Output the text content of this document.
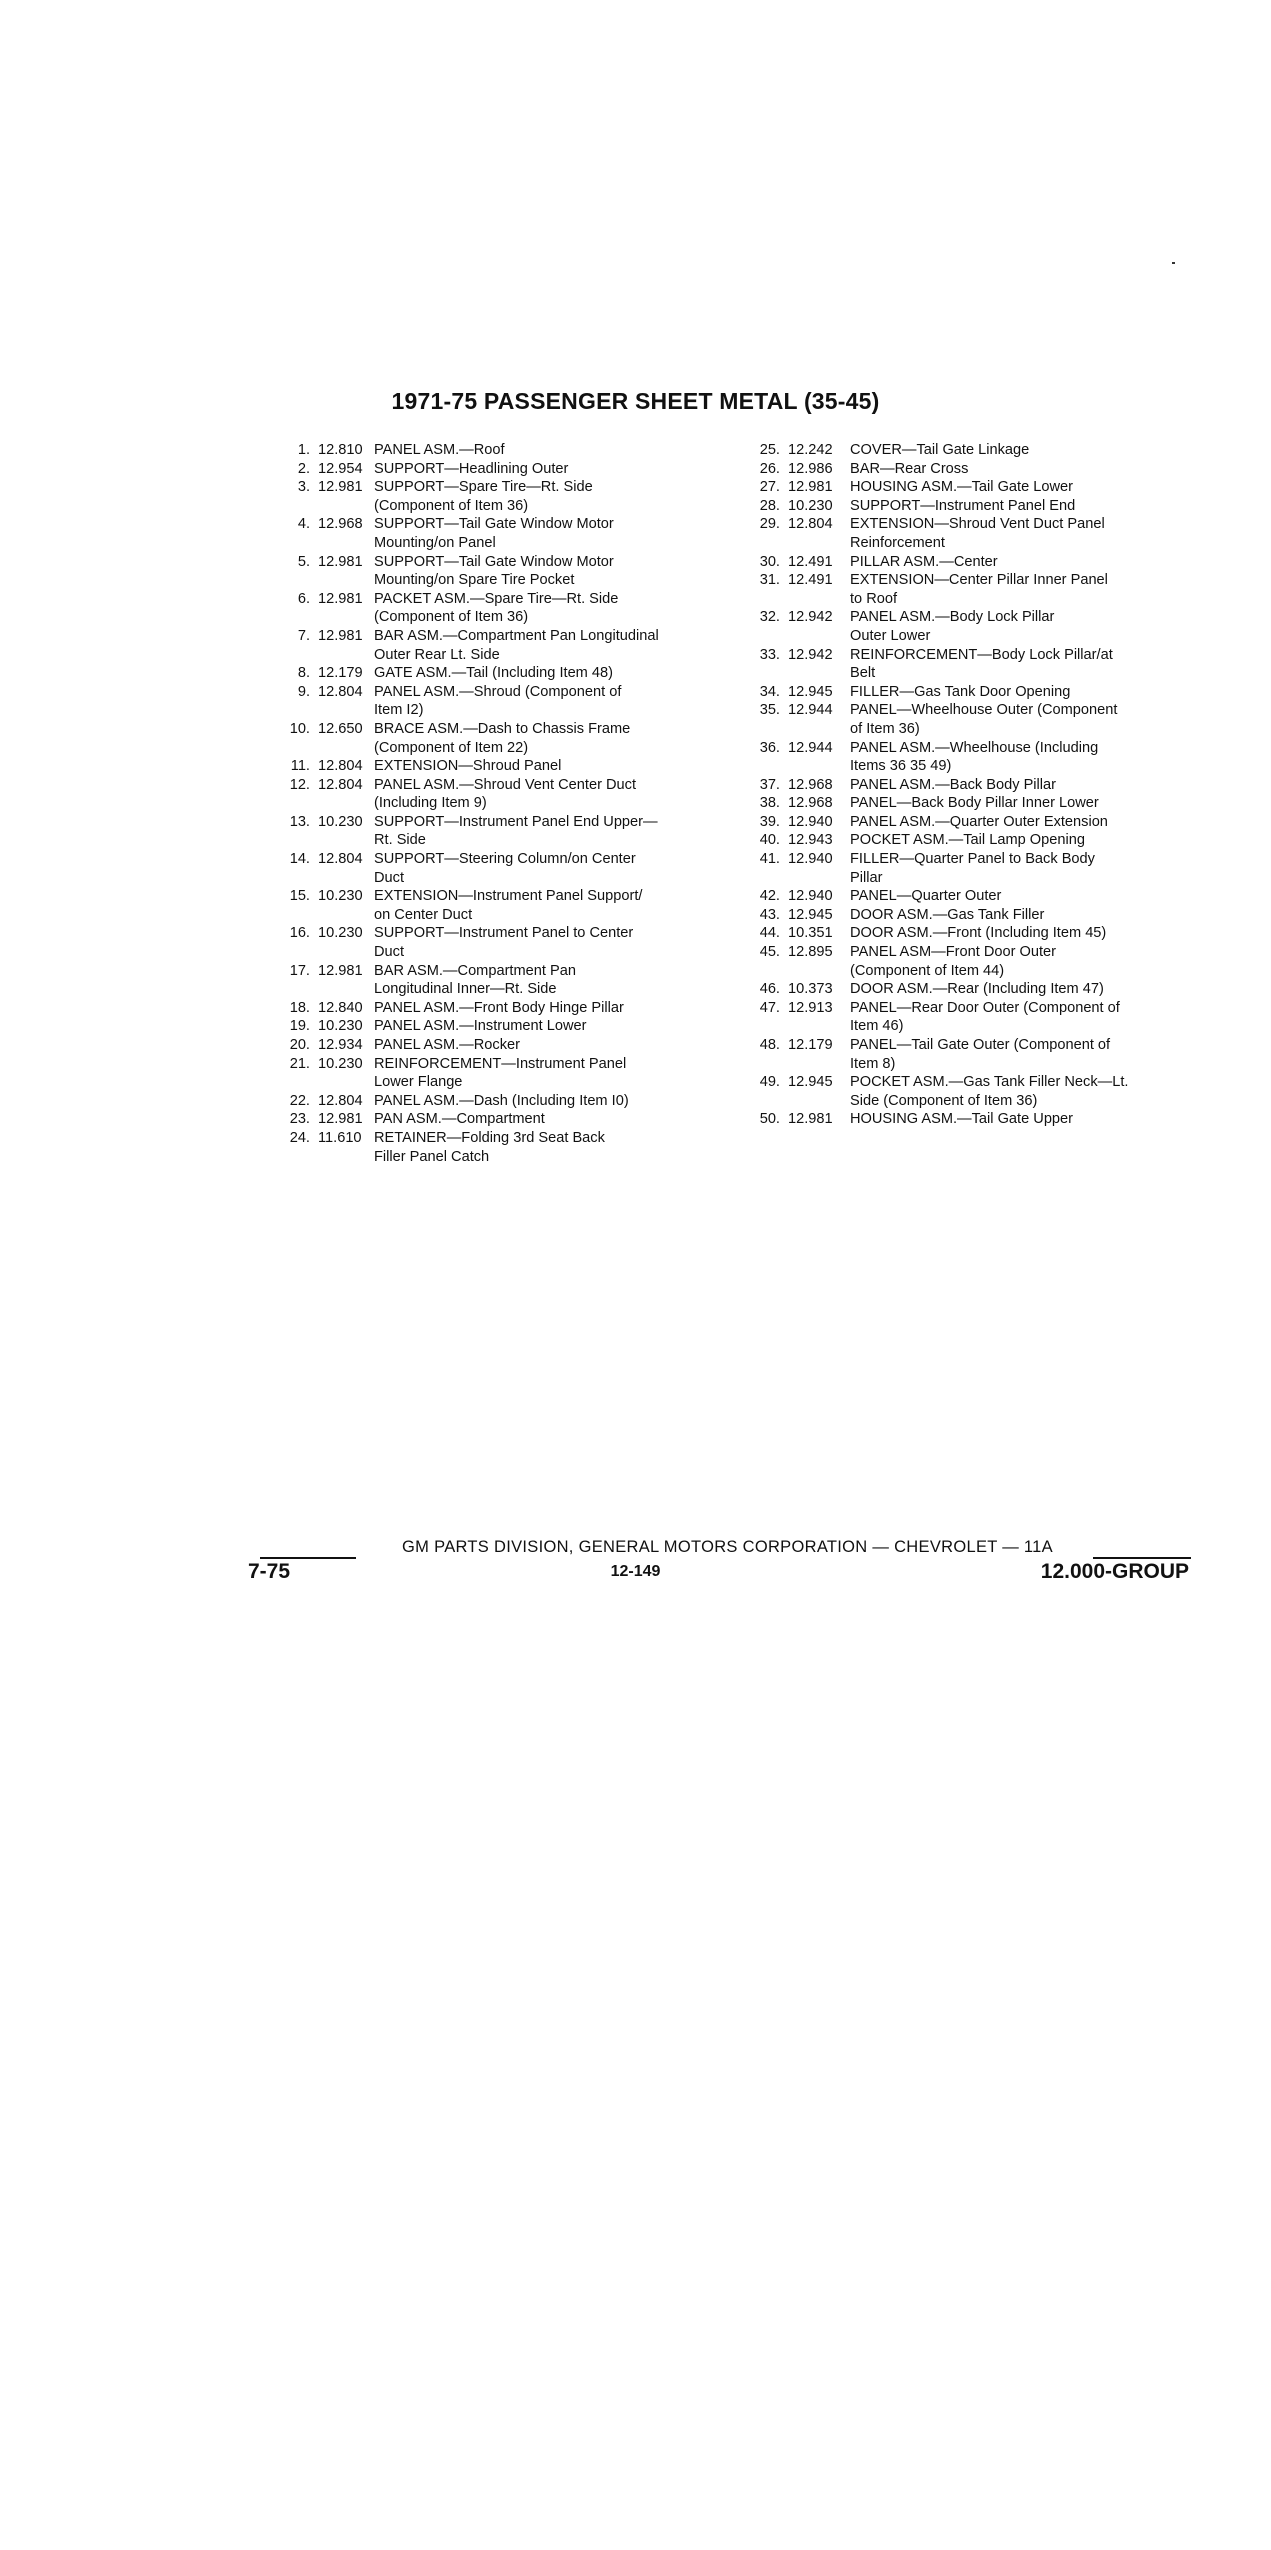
1971-75 PASSENGER SHEET METAL (35-45)
1. 12.810 PANEL ASM.—Roof
2. 12.954 SUPPORT—Headlining Outer
3. 12.981 SUPPORT—Spare Tire—Rt. Side
(Component of Item 36)
4. 12.968 SUPPORT—Tail Gate Window Motor
Mounting/on Panel
5. 12.981 SUPPORT—Tail Gate Window Motor
Mounting/on Spare Tire Pocket
6. 12.981 PACKET ASM.—Spare Tire—Rt. Side
(Component of Item 36)
7. 12.981 BAR ASM.—Compartment Pan Longitudinal
Outer Rear Lt. Side
8. 12.179 GATE ASM.—Tail (Including Item 48)
9. 12.804 PANEL ASM.—Shroud (Component of
Item I2)
10. 12.650 BRACE ASM.—Dash to Chassis Frame
(Component of Item 22)
11. 12.804 EXTENSION—Shroud Panel
12. 12.804 PANEL ASM.—Shroud Vent Center Duct
(Including Item 9)
13. 10.230 SUPPORT—Instrument Panel End Upper—
Rt. Side
14. 12.804 SUPPORT—Steering Column/on Center
Duct
15. 10.230 EXTENSION—Instrument Panel Support/
on Center Duct
16. 10.230 SUPPORT—Instrument Panel to Center
Duct
17. 12.981 BAR ASM.—Compartment Pan
Longitudinal Inner—Rt. Side
18. 12.840 PANEL ASM.—Front Body Hinge Pillar
19. 10.230 PANEL ASM.—Instrument Lower
20. 12.934 PANEL ASM.—Rocker
21. 10.230 REINFORCEMENT—Instrument Panel
Lower Flange
22. 12.804 PANEL ASM.—Dash (Including Item I0)
23. 12.981 PAN ASM.—Compartment
24. 11.610 RETAINER—Folding 3rd Seat Back
Filler Panel Catch
25. 12.242	COVER—Tail Gate Linkage
26. 12.986	BAR—Rear Cross
27. 12.981	HOUSING ASM.—Tail Gate Lower
28. 10.230	SUPPORT—Instrument Panel End
29. 12.804	EXTENSION—Shroud Vent Duct Panel
Reinforcement
30. 12.491	PILLAR ASM.—Center
31. 12.491	EXTENSION—Center Pillar Inner Panel
to Roof
32. 12.942	PANEL ASM.—Body Lock Pillar
Outer Lower
33. 12.942	REINFORCEMENT—Body Lock Pillar/at
Belt
34. 12.945	FILLER—Gas Tank Door Opening
35. 12.944	PANEL—Wheelhouse Outer (Component
of Item 36)
36. 12.944	PANEL ASM.—Wheelhouse (Including
Items 36 35 49)
37. 12.968	PANEL ASM.—Back Body Pillar
38. 12.968	PANEL—Back Body Pillar Inner Lower
39. 12.940	PANEL ASM.—Quarter Outer Extension
40. 12.943	POCKET ASM.—Tail Lamp Opening
41. 12.940	FILLER—Quarter Panel to Back Body
Pillar
42. 12.940	PANEL—Quarter Outer
43. 12.945	DOOR ASM.—Gas Tank Filler
44. 10.351	DOOR ASM.—Front (Including Item 45)
45. 12.895	PANEL ASM—Front Door Outer
(Component of Item 44)
46. 10.373	DOOR ASM.—Rear (Including Item 47)
47. 12.913	PANEL—Rear Door Outer (Component of
Item 46)
48. 12.179	PANEL—Tail Gate Outer (Component of
Item 8)
49. 12.945	POCKET ASM.—Gas Tank Filler Neck—Lt.
Side (Component of Item 36)
50. 12.981	HOUSING ASM.—Tail Gate Upper
GM PARTS DIVISION, GENERAL MOTORS CORPORATION — CHEVROLET — 11A
7-75	12-149	12.000-GROUP
